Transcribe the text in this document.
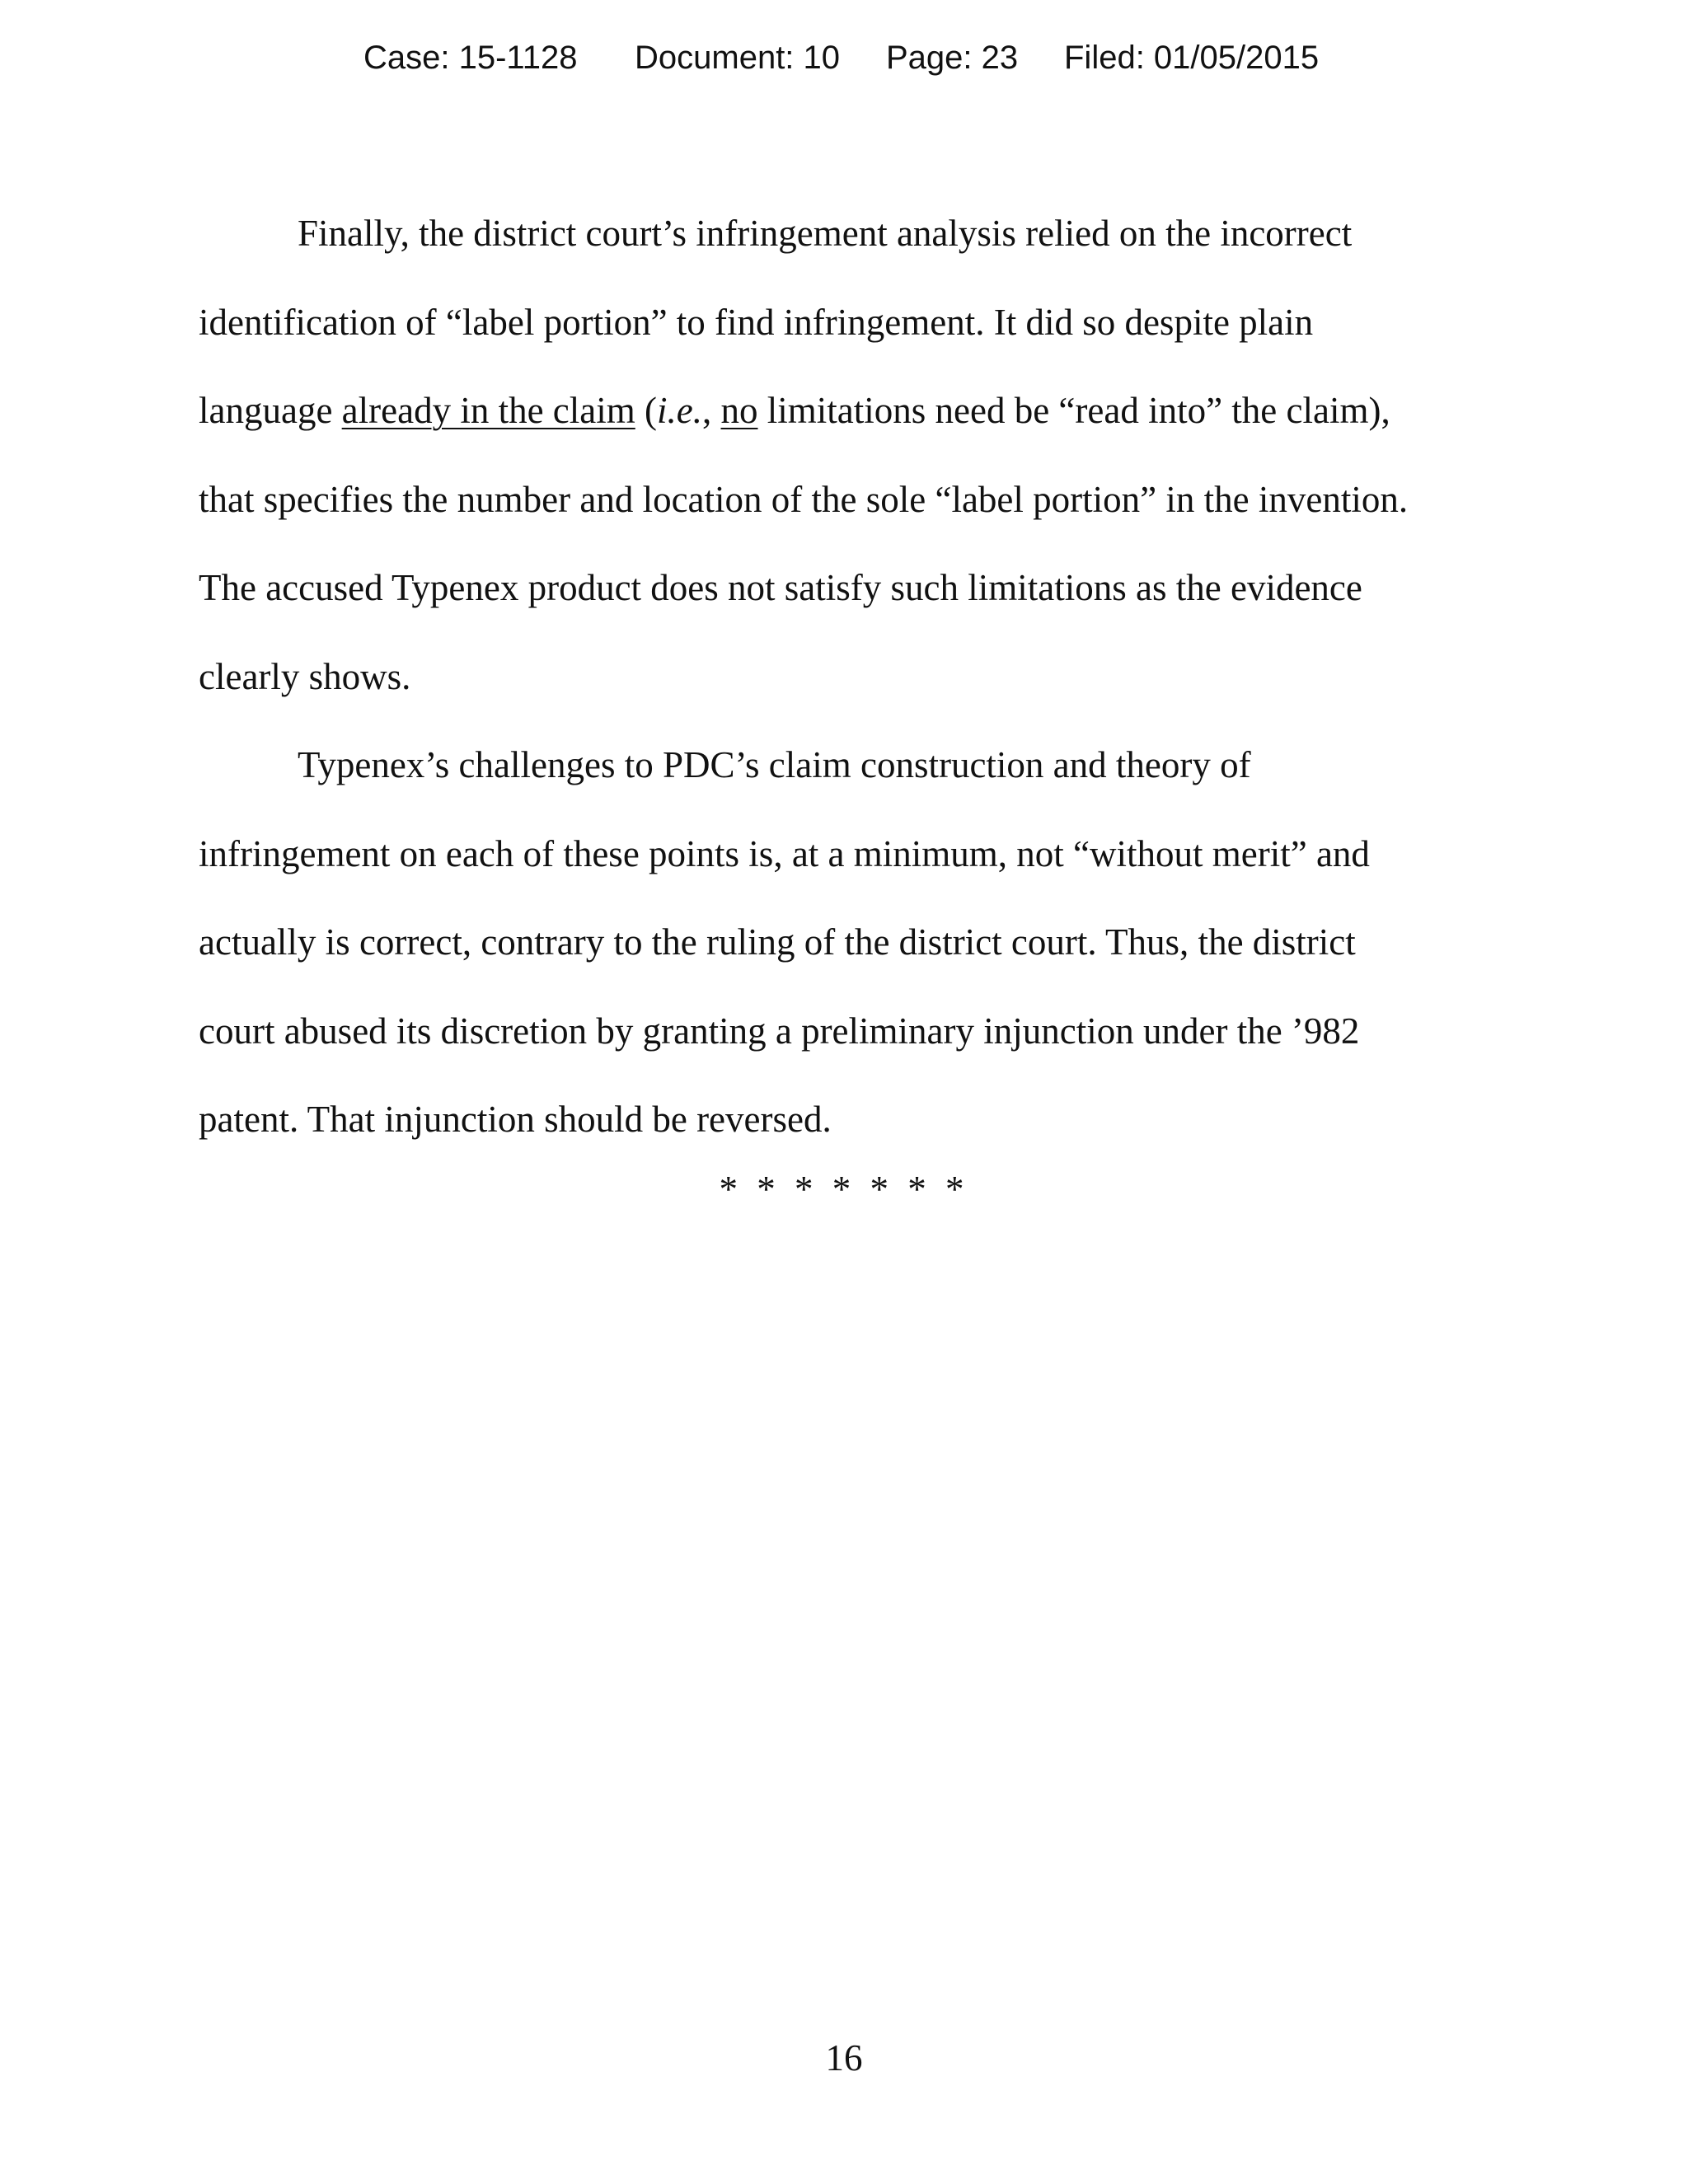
Case: 15-1128 Document: 10 Page: 23 Filed: 01/05/2015
Finally, the district court’s infringement analysis relied on the incorrect
identification of “label portion” to find infringement. It did so despite plain
language already in the claim (i.e., no limitations need be “read into” the claim),
that specifies the number and location of the sole “label portion” in the invention.
The accused Typenex product does not satisfy such limitations as the evidence
clearly shows.
Typenex’s challenges to PDC’s claim construction and theory of
infringement on each of these points is, at a minimum, not “without merit” and
actually is correct, contrary to the ruling of the district court. Thus, the district
court abused its discretion by granting a preliminary injunction under the ’982
patent. That injunction should be reversed.
* * * * * * *
16
